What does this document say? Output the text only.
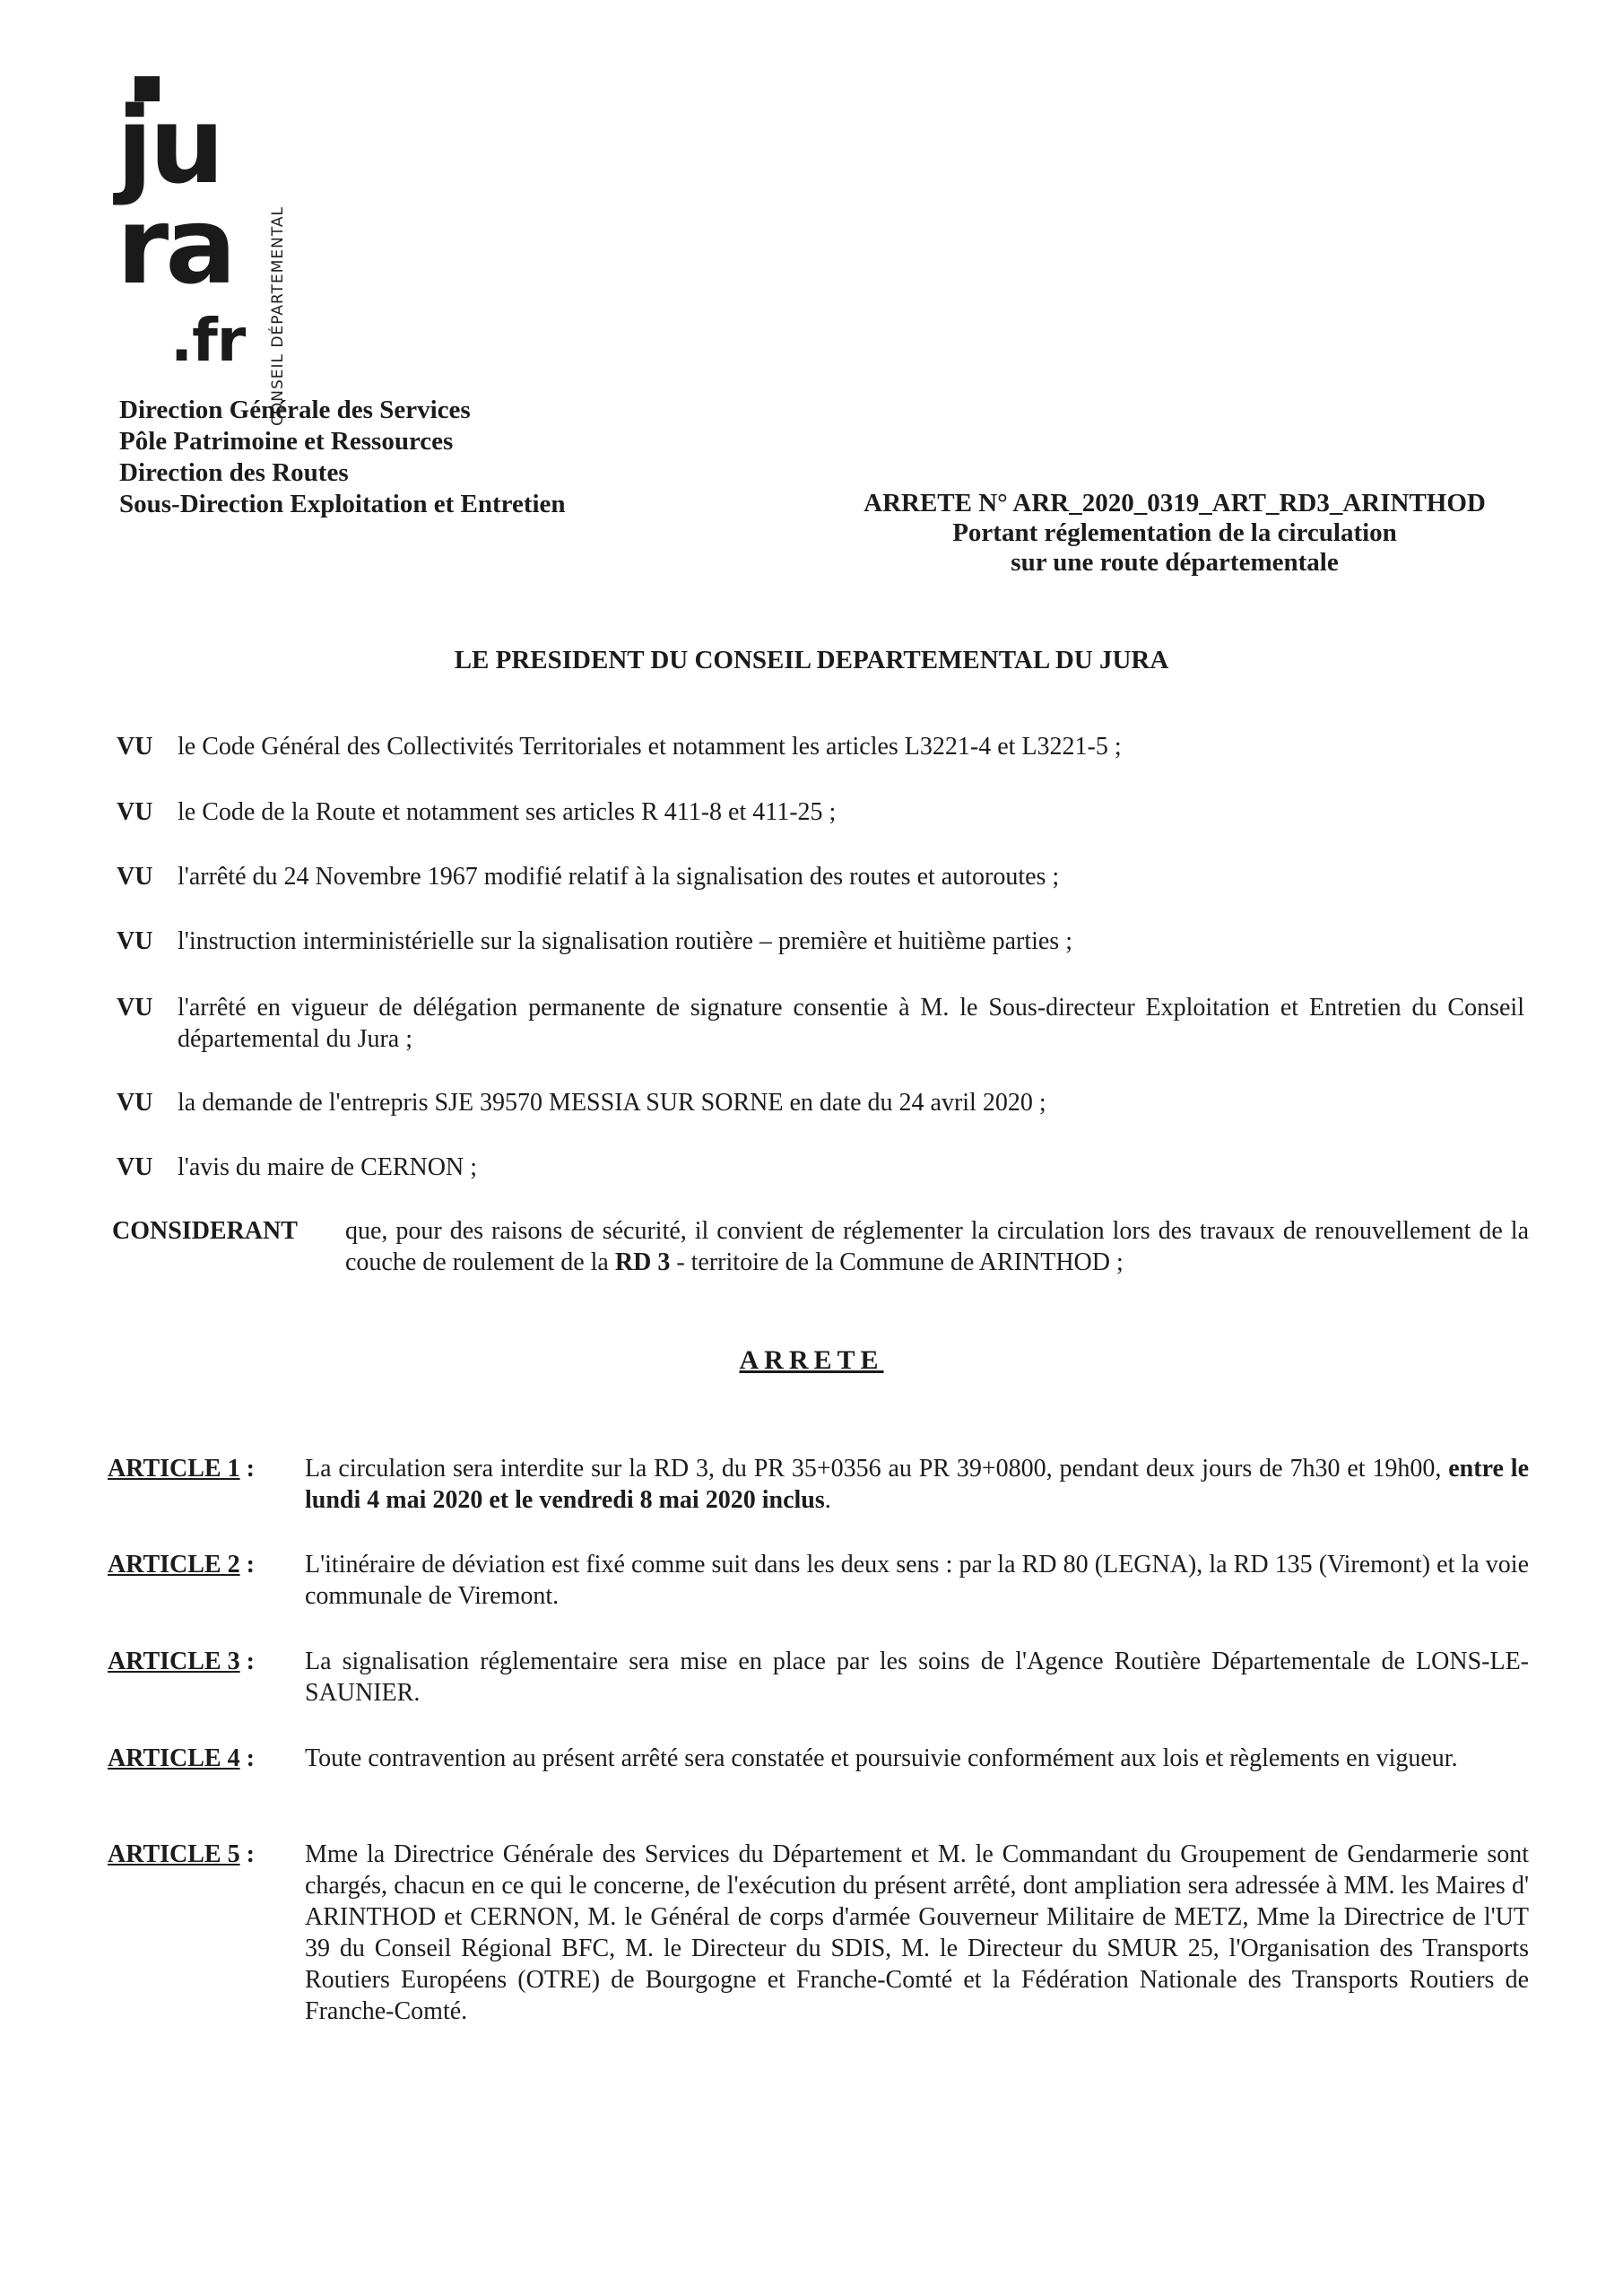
ju
ra
.fr CONSEIL DÉPARTEMENTAL
Direction Générale des Services
Pôle Patrimoine et Ressources
Direction des Routes
Sous-Direction Exploitation et Entretien	ARRETE N° ARR_2020_0319_ART_RD3_ARINTHOD
Portant réglementation de la circulation
sur une route départementale
LE PRESIDENT DU CONSEIL DEPARTEMENTAL DU JURA
VU le Code Général des Collectivités Territoriales et notamment les articles L3221-4 et L3221-5 ;
VU le Code de la Route et notamment ses articles R 411-8 et 411-25 ;
VU l'arrêté du 24 Novembre 1967 modifié relatif à la signalisation des routes et autoroutes ;
VU l'instruction interministérielle sur la signalisation routière – première et huitième parties ;
VU l'arrêté en vigueur de délégation permanente de signature consentie à M. le Sous-directeur Exploitation et Entretien du Conseil départemental du Jura ;
VU la demande de l'entrepris SJE 39570 MESSIA SUR SORNE en date du 24 avril 2020 ;
VU l'avis du maire de CERNON ;
CONSIDERANT que, pour des raisons de sécurité, il convient de réglementer la circulation lors des travaux de renouvellement de la couche de roulement de la RD 3 - territoire de la Commune de ARINTHOD ;
ARRETE
ARTICLE 1 : La circulation sera interdite sur la RD 3, du PR 35+0356 au PR 39+0800, pendant deux jours de 7h30 et 19h00, entre le lundi 4 mai 2020 et le vendredi 8 mai 2020 inclus.
ARTICLE 2 : L'itinéraire de déviation est fixé comme suit dans les deux sens : par la RD 80 (LEGNA), la RD 135 (Viremont) et la voie communale de Viremont.
ARTICLE 3 : La signalisation réglementaire sera mise en place par les soins de l'Agence Routière Départementale de LONS-LE-SAUNIER.
ARTICLE 4 : Toute contravention au présent arrêté sera constatée et poursuivie conformément aux lois et règlements en vigueur.
ARTICLE 5 : Mme la Directrice Générale des Services du Département et M. le Commandant du Groupement de Gendarmerie sont chargés, chacun en ce qui le concerne, de l'exécution du présent arrêté, dont ampliation sera adressée à MM. les Maires d' ARINTHOD et CERNON, M. le Général de corps d'armée Gouverneur Militaire de METZ, Mme la Directrice de l'UT 39 du Conseil Régional BFC, M. le Directeur du SDIS, M. le Directeur du SMUR 25, l'Organisation des Transports Routiers Européens (OTRE) de Bourgogne et Franche-Comté et la Fédération Nationale des Transports Routiers de Franche-Comté.
